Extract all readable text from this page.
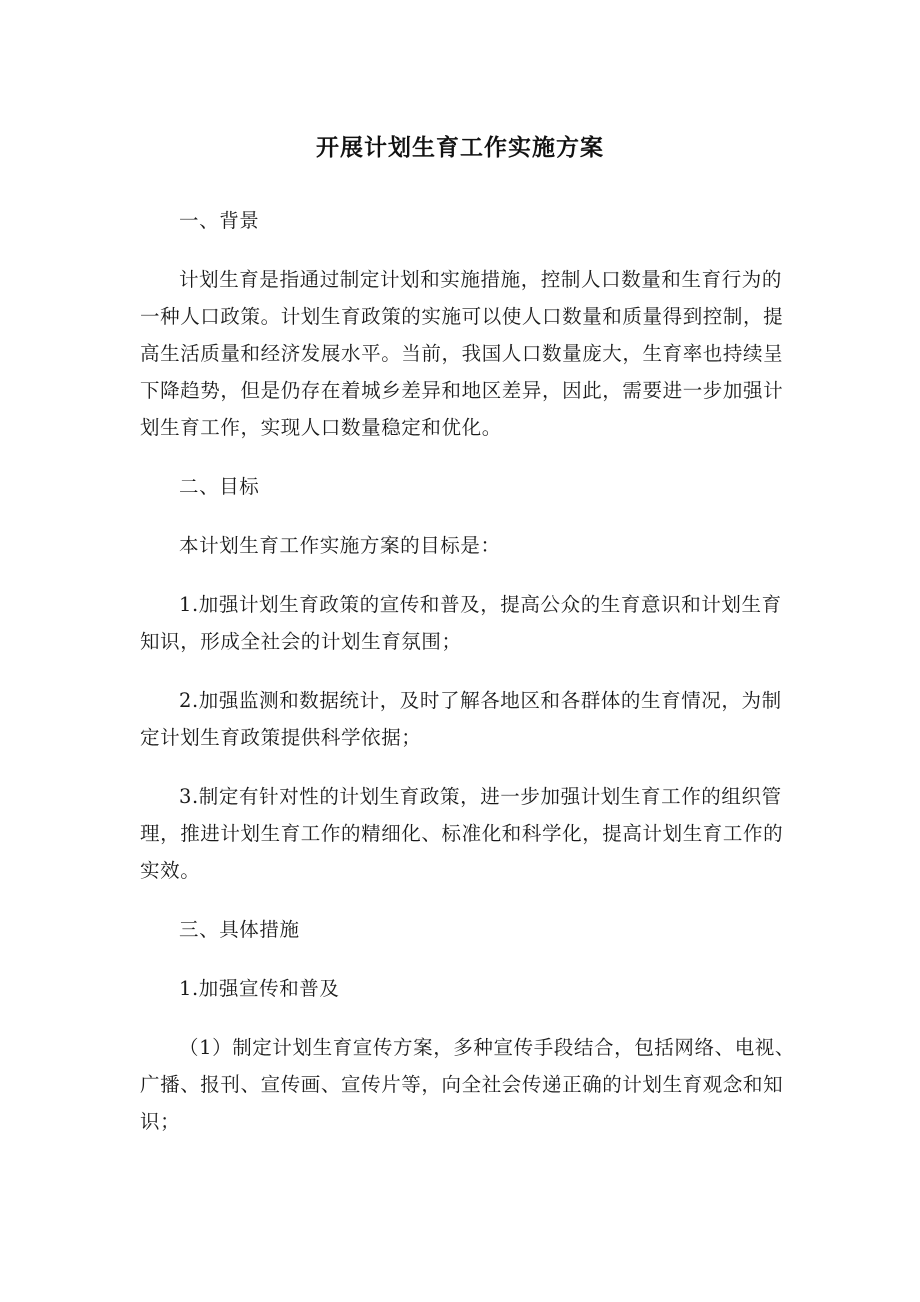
开展计划生育工作实施方案
一、背景
计划生育是指通过制定计划和实施措施，控制人口数量和生育行为的一种人口政策。计划生育政策的实施可以使人口数量和质量得到控制，提高生活质量和经济发展水平。当前，我国人口数量庞大，生育率也持续呈下降趋势，但是仍存在着城乡差异和地区差异，因此，需要进一步加强计划生育工作，实现人口数量稳定和优化。
二、目标
本计划生育工作实施方案的目标是：
1.加强计划生育政策的宣传和普及，提高公众的生育意识和计划生育知识，形成全社会的计划生育氛围；
2.加强监测和数据统计，及时了解各地区和各群体的生育情况，为制定计划生育政策提供科学依据；
3.制定有针对性的计划生育政策，进一步加强计划生育工作的组织管理，推进计划生育工作的精细化、标准化和科学化，提高计划生育工作的实效。
三、具体措施
1.加强宣传和普及
（1）制定计划生育宣传方案，多种宣传手段结合，包括网络、电视、广播、报刊、宣传画、宣传片等，向全社会传递正确的计划生育观念和知识；
